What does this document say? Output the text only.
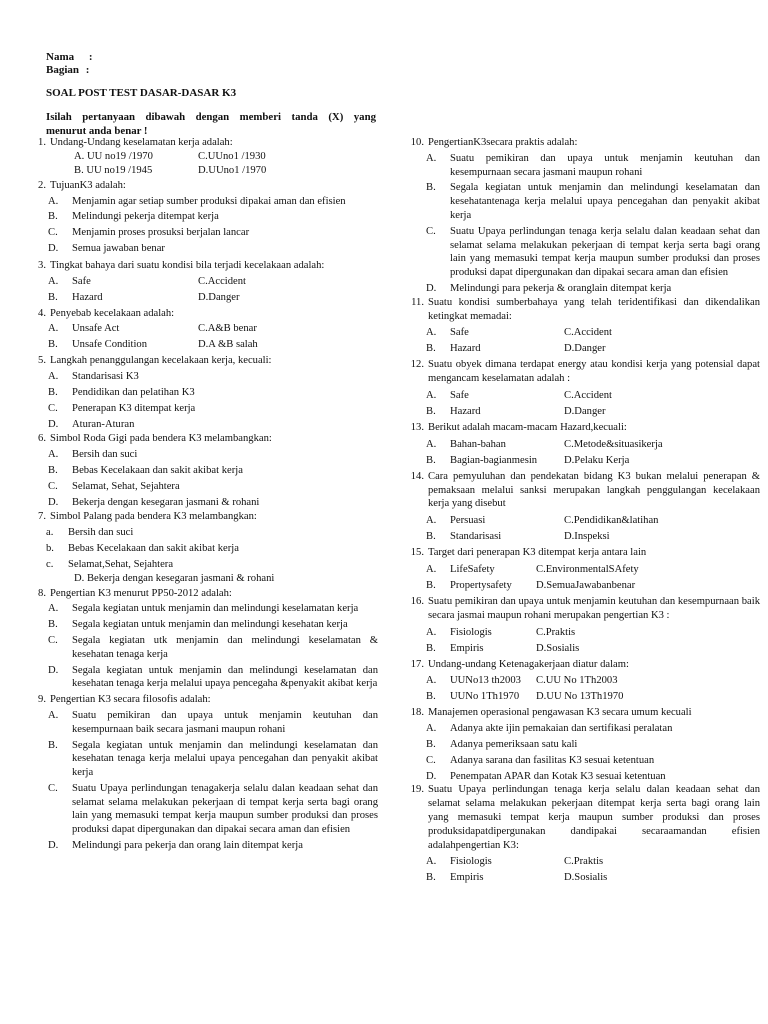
Nama :
Bagian :
SOAL POST TEST DASAR-DASAR K3
Isilah pertanyaan dibawah dengan memberi tanda (X) yang
menurut anda benar !
1. Undang-Undang keselamatan kerja adalah:
A. UU no19 /1970	C.UUno1 /1930
B. UU no19 /1945	D.UUno1 /1970
2. TujuanK3 adalah:
A. Menjamin agar setiap sumber produksi dipakai aman dan efisien
B. Melindungi pekerja ditempat kerja
C. Menjamin proses prosuksi berjalan lancar
D. Semua jawaban benar
3. Tingkat bahaya dari suatu kondisi bila terjadi kecelakaan adalah:
A. Safe	C.Accident
B. Hazard	D.Danger
4. Penyebab kecelakaan adalah:
A. Unsafe Act	C.A&B benar
B. Unsafe Condition	D.A &B salah
5. Langkah penanggulangan kecelakaan kerja, kecuali:
A. Standarisasi K3
B. Pendidikan dan pelatihan K3
C. Penerapan K3 ditempat kerja
D. Aturan-Aturan
6. Simbol Roda Gigi pada bendera K3 melambangkan:
A. Bersih dan suci
B. Bebas Kecelakaan dan sakit akibat kerja
C. Selamat, Sehat, Sejahtera
D. Bekerja dengan kesegaran jasmani & rohani
7. Simbol Palang pada bendera K3 melambangkan:
a. Bersih dan suci
b. Bebas Kecelakaan dan sakit akibat kerja
c. Selamat,Sehat, Sejahtera
D. Bekerja dengan kesegaran jasmani & rohani
8. Pengertian K3 menurut PP50-2012 adalah:
A. Segala kegiatan untuk menjamin dan melindungi keselamatan kerja
B. Segala kegiatan untuk menjamin dan melindungi kesehatan kerja
C. Segala kegiatan utk menjamin dan melindungi keselamatan & kesehatan tenaga kerja
D. Segala kegiatan untuk menjamin dan melindungi keselamatan dan kesehatan tenaga kerja melalui upaya pencegaha &penyakit akibat kerja
9. Pengertian K3 secara filosofis adalah:
A. Suatu pemikiran dan upaya untuk menjamin keutuhan dan kesempurnaan baik secara jasmani maupun rohani
B. Segala kegiatan untuk menjamin dan melindungi keselamatan dan kesehatan tenaga kerja melalui upaya pencegahan dan penyakit akibat kerja
C. Suatu Upaya perlindungan tenagakerja selalu dalan keadaan sehat dan selamat selama melakukan pekerjaan di tempat kerja serta bagi orang lain yang memasuki tempat kerja maupun sumber produksi dan proses produksi dapat dipergunakan dan dipakai secara aman dan efisien
D. Melindungi para pekerja dan orang lain ditempat kerja
10. PengertianK3secara praktis adalah:
A. Suatu pemikiran dan upaya untuk menjamin keutuhan dan kesempurnaan secara jasmani maupun rohani
B. Segala kegiatan untuk menjamin dan melindungi keselamatan dan kesehatantenaga kerja melalui upaya pencegahan dan penyakit akibat kerja
C. Suatu Upaya perlindungan tenaga kerja selalu dalan keadaan sehat dan selamat selama melakukan pekerjaan di tempat kerja serta bagi orang lain yang memasuki tempat kerja maupun sumber produksi dan proses produksi dapat dipergunakan dan dipakai secara aman dan efisien
D. Melindungi para pekerja & oranglain ditempat kerja
11. Suatu kondisi sumberbahaya yang telah teridentifikasi dan dikendalikan ketingkat memadai:
A. Safe	C.Accident
B. Hazard	D.Danger
12. Suatu obyek dimana terdapat energy atau kondisi kerja yang potensial dapat mengancam keselamatan adalah :
A. Safe	C.Accident
B. Hazard	D.Danger
13. Berikut adalah macam-macam Hazard,kecuali:
A. Bahan-bahan	C.Metode&situasikerja
B. Bagian-bagianmesin	D.Pelaku Kerja
14. Cara pemyuluhan dan pendekatan bidang K3 bukan melalui penerapan & pemaksaan melalui sanksi merupakan langkah penggulangan kecelakaan kerja yang disebut
A. Persuasi	C.Pendidikan&latihan
B. Standarisasi	D.Inspeksi
15. Target dari penerapan K3 ditempat kerja antara lain
A. LifeSafety	C.EnvironmentalSAfety
B. Propertysafety D.SemuaJawabanbenar
16. Suatu pemikiran dan upaya untuk menjamin keutuhan dan kesempurnaan baik secara jasmai maupun rohani merupakan pengertian K3 :
A. Fisiologis	C.Praktis
B. Empiris	D.Sosialis
17. Undang-undang Ketenagakerjaan diatur dalam:
A. UUNo13 th2003 C.UU No 1Th2003
B. UUNo 1Th1970 D.UU No 13Th1970
18. Manajemen operasional pengawasan K3 secara umum kecuali
A. Adanya akte ijin pemakaian dan sertifikasi peralatan
B. Adanya pemeriksaan satu kali
C. Adanya sarana dan fasilitas K3 sesuai ketentuan
D. Penempatan APAR dan Kotak K3 sesuai ketentuan
19. Suatu Upaya perlindungan tenaga kerja selalu dalan keadaan sehat dan selamat selama melakukan pekerjaan ditempat kerja serta bagi orang lain yang memasuki tempat kerja maupun sumber produksi dan proses produksidapatdipergunakan dandipakai secaraamandan efisien adalahpengertian K3:
A. Fisiologis	C.Praktis
B. Empiris	D.Sosialis
